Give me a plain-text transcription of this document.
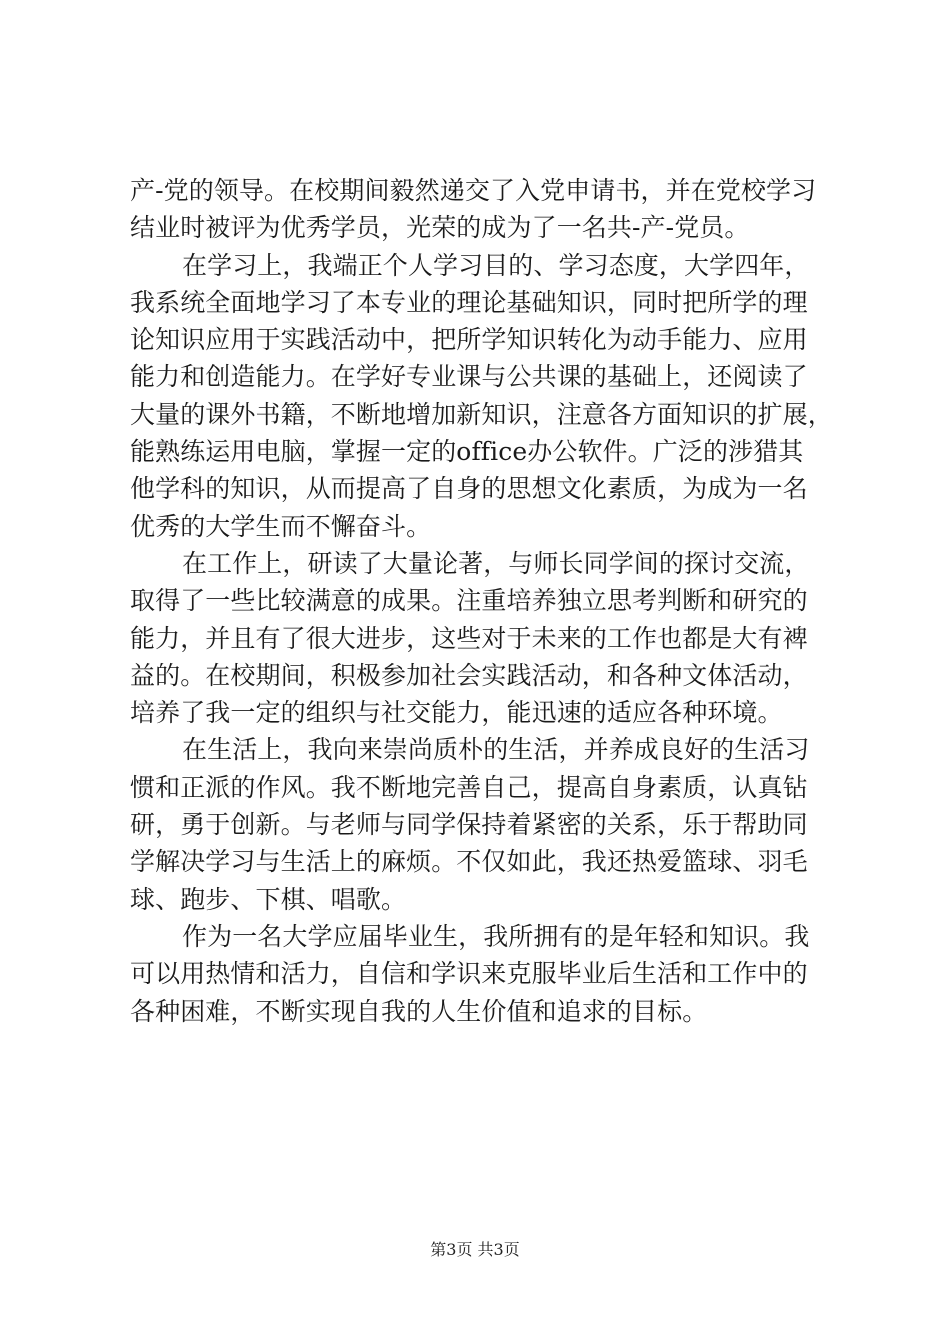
产-党的领导。在校期间毅然递交了入党申请书，并在党校学习
结业时被评为优秀学员，光荣的成为了一名共-产-党员。
在学习上，我端正个人学习目的、学习态度，大学四年，
我系统全面地学习了本专业的理论基础知识，同时把所学的理
论知识应用于实践活动中，把所学知识转化为动手能力、应用
能力和创造能力。在学好专业课与公共课的基础上，还阅读了
大量的课外书籍，不断地增加新知识，注意各方面知识的扩展，
能熟练运用电脑，掌握一定的office办公软件。广泛的涉猎其
他学科的知识，从而提高了自身的思想文化素质，为成为一名
优秀的大学生而不懈奋斗。
在工作上，研读了大量论著，与师长同学间的探讨交流，
取得了一些比较满意的成果。注重培养独立思考判断和研究的
能力，并且有了很大进步，这些对于未来的工作也都是大有裨
益的。在校期间，积极参加社会实践活动，和各种文体活动，
培养了我一定的组织与社交能力，能迅速的适应各种环境。
在生活上，我向来崇尚质朴的生活，并养成良好的生活习
惯和正派的作风。我不断地完善自己，提高自身素质，认真钻
研，勇于创新。与老师与同学保持着紧密的关系，乐于帮助同
学解决学习与生活上的麻烦。不仅如此，我还热爱篮球、羽毛
球、跑步、下棋、唱歌。
作为一名大学应届毕业生，我所拥有的是年轻和知识。我
可以用热情和活力，自信和学识来克服毕业后生活和工作中的
各种困难，不断实现自我的人生价值和追求的目标。
第3页 共3页
